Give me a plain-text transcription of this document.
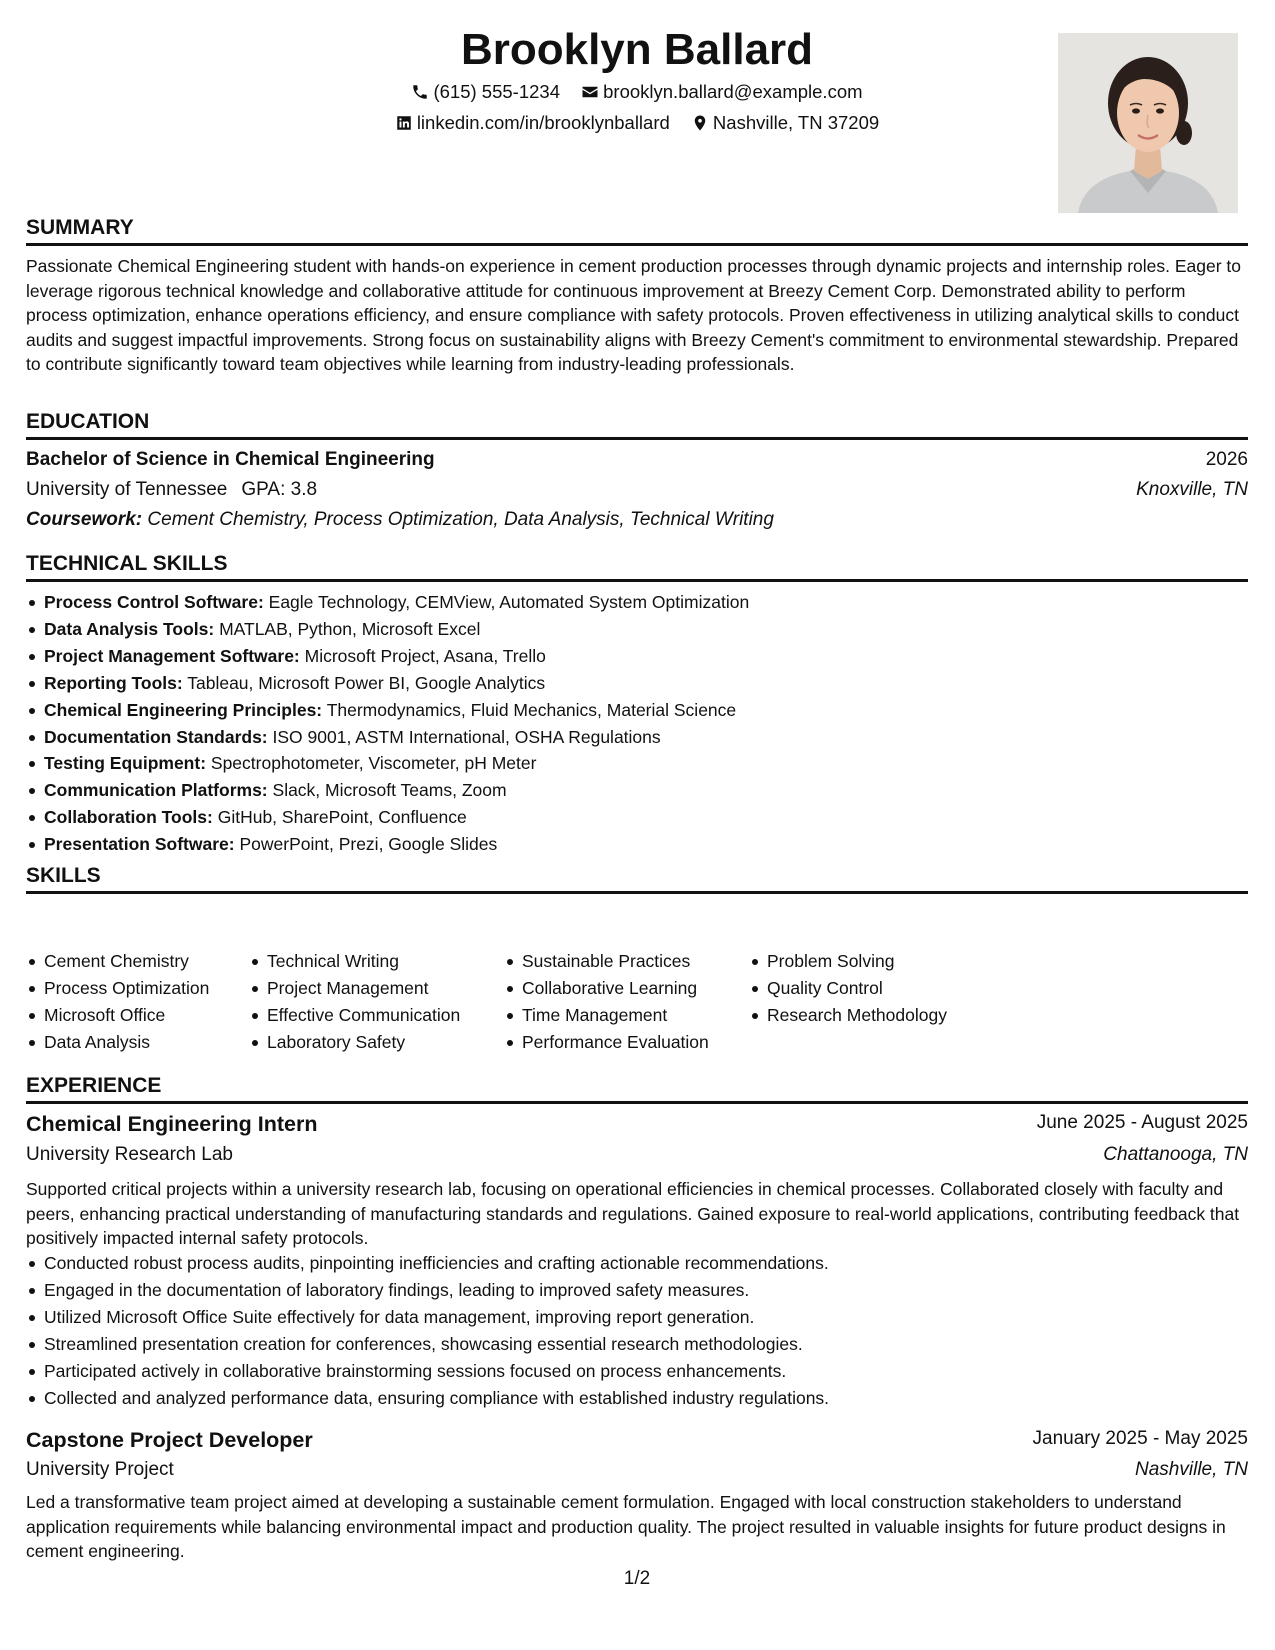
Brooklyn Ballard
(615) 555-1234
brooklyn.ballard@example.com
linkedin.com/in/brooklynballard
Nashville, TN 37209
SUMMARY

Passionate Chemical Engineering student with hands-on experience in cement production processes through dynamic projects and internship roles. Eager to leverage rigorous technical knowledge and collaborative attitude for continuous improvement at Breezy Cement Corp. Demonstrated ability to perform process optimization, enhance operations efficiency, and ensure compliance with safety protocols. Proven effectiveness in utilizing analytical skills to conduct audits and suggest impactful improvements. Strong focus on sustainability aligns with Breezy Cement's commitment to environmental stewardship. Prepared to contribute significantly toward team objectives while learning from industry-leading professionals.

EDUCATION
Bachelor of Science in Chemical Engineering	2026
University of Tennessee GPA: 3.8	Knoxville, TN
Coursework: Cement Chemistry, Process Optimization, Data Analysis, Technical Writing
TECHNICAL SKILLS
Process Control Software: Eagle Technology, CEMView, Automated System Optimization
Data Analysis Tools: MATLAB, Python, Microsoft Excel
Project Management Software: Microsoft Project, Asana, Trello
Reporting Tools: Tableau, Microsoft Power BI, Google Analytics
Chemical Engineering Principles: Thermodynamics, Fluid Mechanics, Material Science
Documentation Standards: ISO 9001, ASTM International, OSHA Regulations
Testing Equipment: Spectrophotometer, Viscometer, pH Meter
Communication Platforms: Slack, Microsoft Teams, Zoom
Collaboration Tools: GitHub, SharePoint, Confluence
Presentation Software: PowerPoint, Prezi, Google Slides
SKILLS
Cement Chemistry
Process Optimization
Microsoft Office
Data Analysis
Technical Writing
Project Management
Effective Communication
Laboratory Safety
Sustainable Practices
Collaborative Learning
Time Management
Performance Evaluation
Problem Solving
Quality Control
Research Methodology
EXPERIENCE
Chemical Engineering Intern	June 2025 - August 2025
University Research Lab	Chattanooga, TN

Supported critical projects within a university research lab, focusing on operational efficiencies in chemical processes. Collaborated closely with faculty and peers, enhancing practical understanding of manufacturing standards and regulations. Gained exposure to real-world applications, contributing feedback that positively impacted internal safety protocols.

Conducted robust process audits, pinpointing inefficiencies and crafting actionable recommendations.
Engaged in the documentation of laboratory findings, leading to improved safety measures.
Utilized Microsoft Office Suite effectively for data management, improving report generation.
Streamlined presentation creation for conferences, showcasing essential research methodologies.
Participated actively in collaborative brainstorming sessions focused on process enhancements.
Collected and analyzed performance data, ensuring compliance with established industry regulations.
Capstone Project Developer	January 2025 - May 2025
University Project	Nashville, TN

Led a transformative team project aimed at developing a sustainable cement formulation. Engaged with local construction stakeholders to understand application requirements while balancing environmental impact and production quality. The project resulted in valuable insights for future product designs in cement engineering.

1/2
